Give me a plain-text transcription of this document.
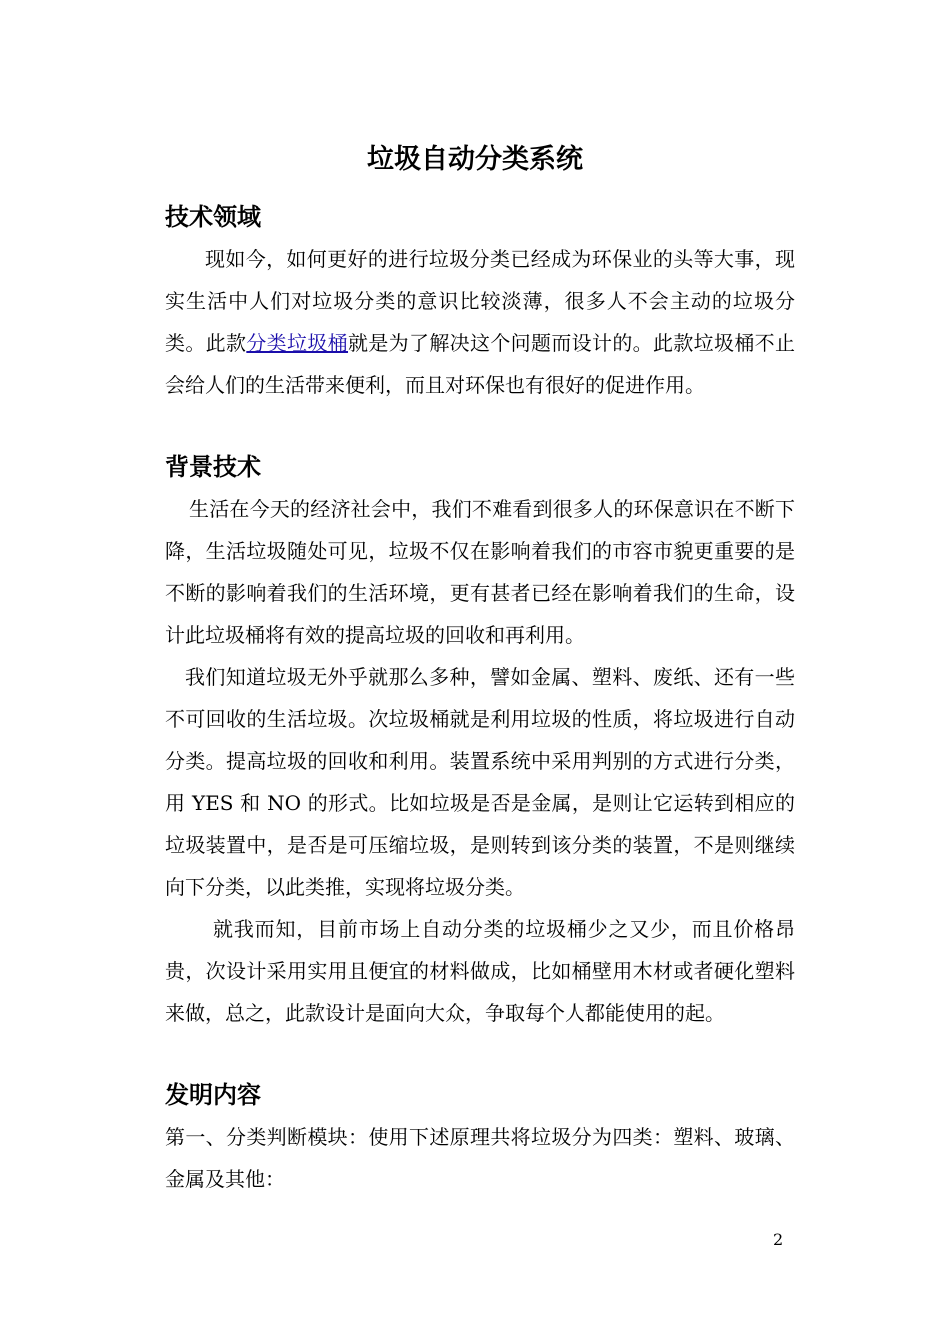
垃圾自动分类系统
技术领域
现如今，如何更好的进行垃圾分类已经成为环保业的头等大事，现实生活中人们对垃圾分类的意识比较淡薄，很多人不会主动的垃圾分类。此款分类垃圾桶就是为了解决这个问题而设计的。此款垃圾桶不止会给人们的生活带来便利，而且对环保也有很好的促进作用。
背景技术
生活在今天的经济社会中，我们不难看到很多人的环保意识在不断下降，生活垃圾随处可见，垃圾不仅在影响着我们的市容市貌更重要的是不断的影响着我们的生活环境，更有甚者已经在影响着我们的生命，设计此垃圾桶将有效的提高垃圾的回收和再利用。
我们知道垃圾无外乎就那么多种，譬如金属、塑料、废纸、还有一些不可回收的生活垃圾。次垃圾桶就是利用垃圾的性质，将垃圾进行自动分类。提高垃圾的回收和利用。装置系统中采用判别的方式进行分类，用 YES 和 NO 的形式。比如垃圾是否是金属，是则让它运转到相应的垃圾装置中，是否是可压缩垃圾，是则转到该分类的装置，不是则继续向下分类，以此类推，实现将垃圾分类。
就我而知，目前市场上自动分类的垃圾桶少之又少，而且价格昂贵，次设计采用实用且便宜的材料做成，比如桶壁用木材或者硬化塑料来做，总之，此款设计是面向大众，争取每个人都能使用的起。
发明内容
第一、分类判断模块：使用下述原理共将垃圾分为四类：塑料、玻璃、金属及其他：
2
